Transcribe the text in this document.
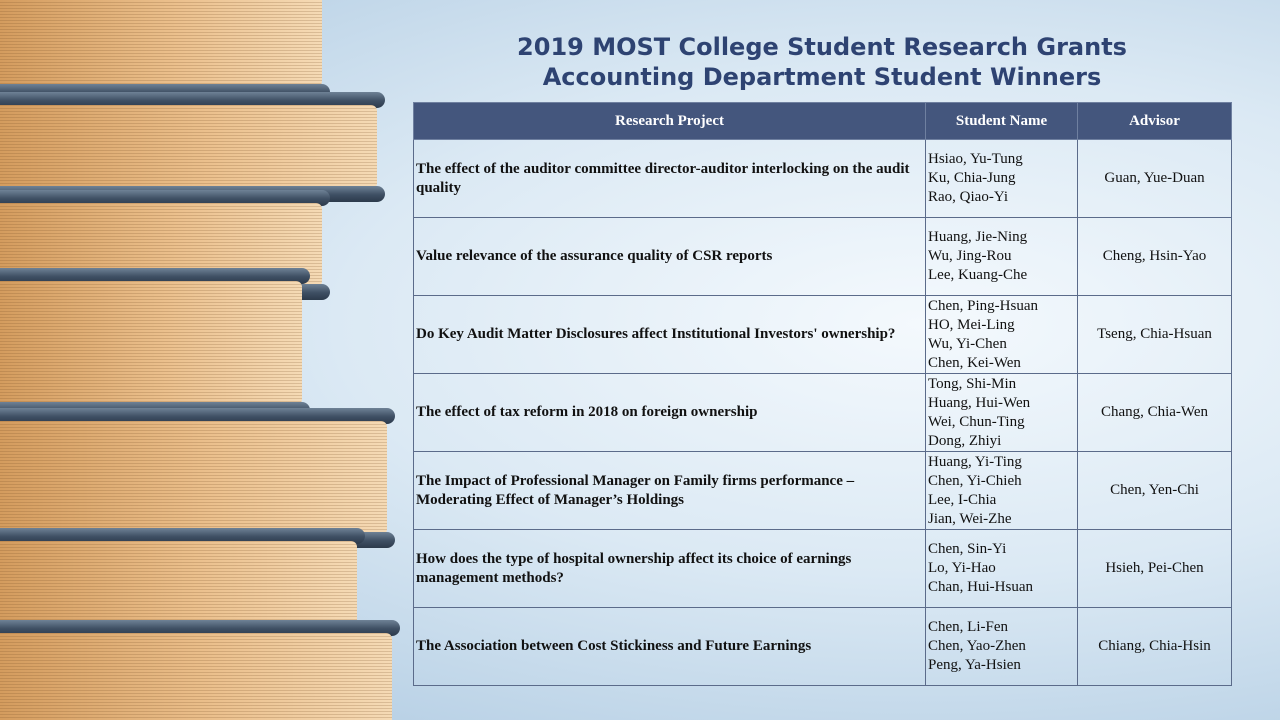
2019 MOST College Student Research Grants
Accounting Department Student Winners
Research Project	Student Name	Advisor
The effect of the auditor committee director-auditor interlocking on the audit quality	Hsiao, Yu-Tung
Ku, Chia-Jung
Rao, Qiao-Yi	Guan, Yue-Duan
Value relevance of the assurance quality of CSR reports	Huang, Jie-Ning
Wu, Jing-Rou
Lee, Kuang-Che	Cheng, Hsin-Yao
Do Key Audit Matter Disclosures affect Institutional Investors' ownership?	Chen, Ping-Hsuan
HO, Mei-Ling
Wu, Yi-Chen
Chen, Kei-Wen	Tseng, Chia-Hsuan
The effect of tax reform in 2018 on foreign ownership	Tong, Shi-Min
Huang, Hui-Wen
Wei, Chun-Ting
Dong, Zhiyi	Chang, Chia-Wen
The Impact of Professional Manager on Family firms performance –Moderating Effect of Manager’s Holdings	Huang, Yi-Ting
Chen, Yi-Chieh
Lee, I-Chia
Jian, Wei-Zhe	Chen, Yen-Chi
How does the type of hospital ownership affect its choice of earnings management methods?	Chen, Sin-Yi
Lo, Yi-Hao
Chan, Hui-Hsuan	Hsieh, Pei-Chen
The Association between Cost Stickiness and Future Earnings	Chen, Li-Fen
Chen, Yao-Zhen
Peng, Ya-Hsien	Chiang, Chia-Hsin
